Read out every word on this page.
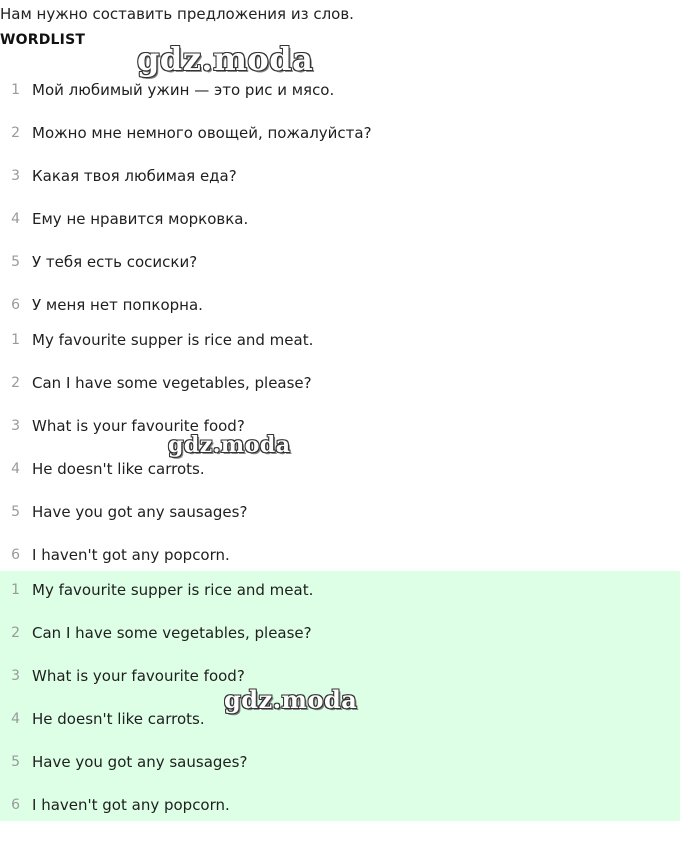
Нам нужно составить предложения из слов.
WORDLIST
1 Мой любимый ужин — это рис и мясо.
2 Можно мне немного овощей, пожалуйста?
3 Какая твоя любимая еда?
4 Ему не нравится морковка.
5 У тебя есть сосиски?
6 У меня нет попкорна.
1 My favourite supper is rice and meat.
2 Can I have some vegetables, please?
3 What is your favourite food?
4 He doesn't like carrots.
5 Have you got any sausages?
6 I haven't got any popcorn.
1 My favourite supper is rice and meat.
2 Can I have some vegetables, please?
3 What is your favourite food?
4 He doesn't like carrots.
5 Have you got any sausages?
6 I haven't got any popcorn.
gdz.moda
gdz.moda
gdz.moda
